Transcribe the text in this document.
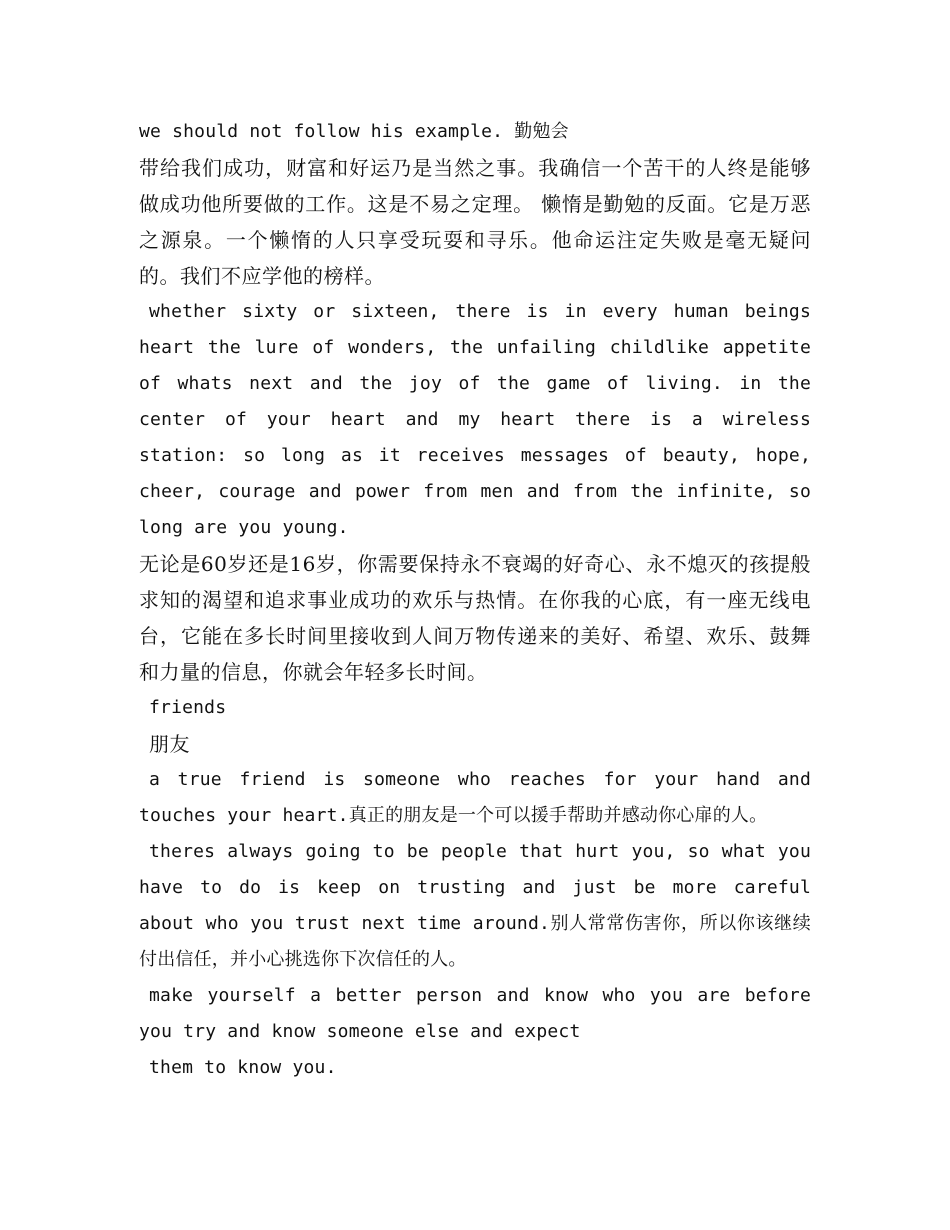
we should not follow his example. 勤勉会

带给我们成功，财富和好运乃是当然之事。我确信一个苦干的人终是能够做成功他所要做的工作。这是不易之定理。 懒惰是勤勉的反面。它是万恶之源泉。一个懒惰的人只享受玩耍和寻乐。他命运注定失败是毫无疑问的。我们不应学他的榜样。

whether sixty or sixteen, there is in every human beings heart the lure of wonders, the unfailing childlike appetite of whats next and the joy of the game of living. in the center of your heart and my heart there is a wireless station: so long as it receives messages of beauty, hope, cheer, courage and power from men and from the infinite, so long are you young.

无论是60岁还是16岁，你需要保持永不衰竭的好奇心、永不熄灭的孩提般求知的渴望和追求事业成功的欢乐与热情。在你我的心底，有一座无线电台，它能在多长时间里接收到人间万物传递来的美好、希望、欢乐、鼓舞和力量的信息，你就会年轻多长时间。

friends

朋友

a true friend is someone who reaches for your hand and touches your heart.真正的朋友是一个可以援手帮助并感动你心扉的人。

theres always going to be people that hurt you, so what you have to do is keep on trusting and just be more careful about who you trust next time around.别人常常伤害你，所以你该继续付出信任，并小心挑选你下次信任的人。

make yourself a better person and know who you are before you try and know someone else and expect

them to know you.
